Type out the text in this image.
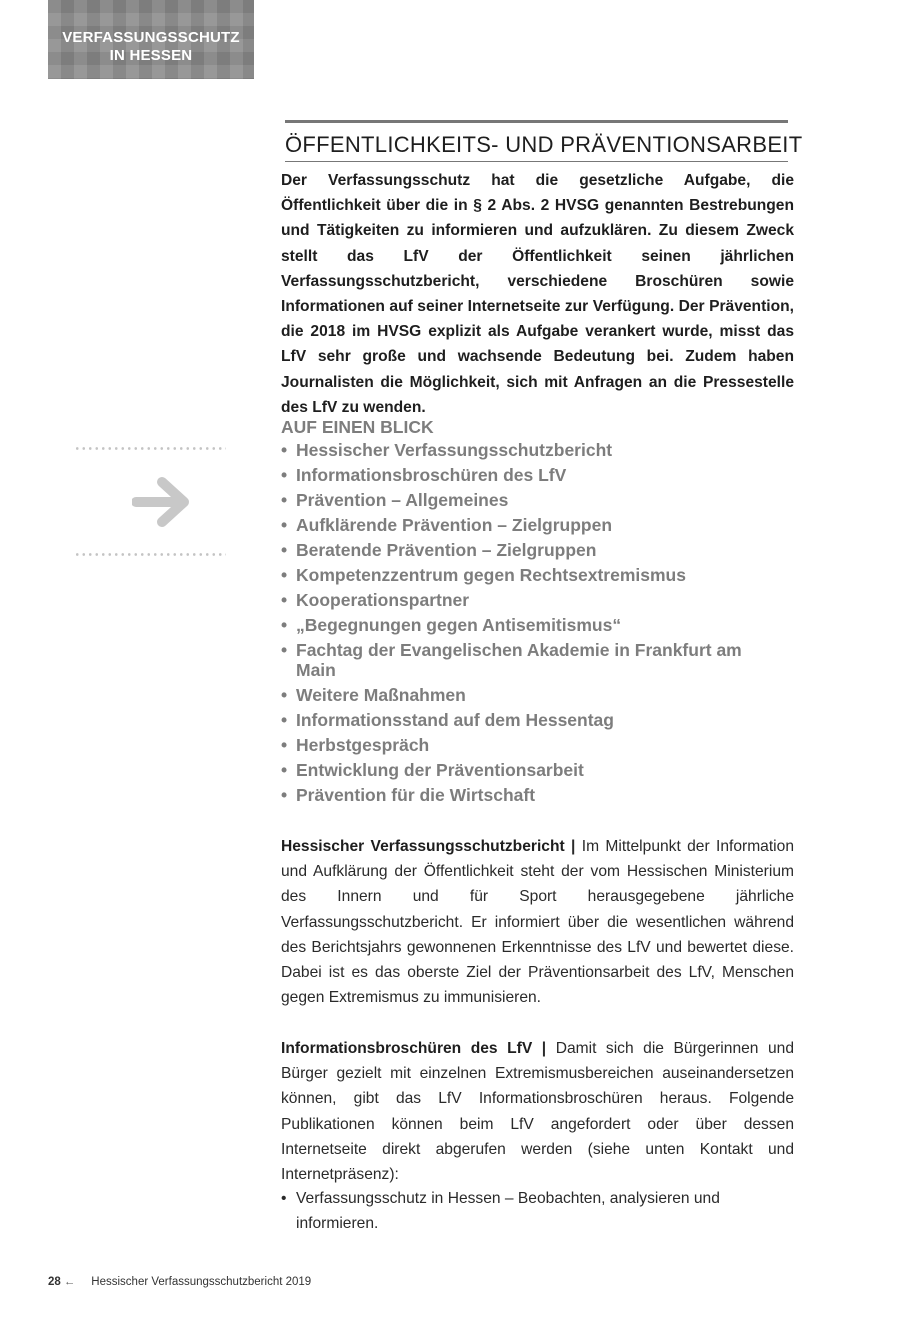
VERFASSUNGSSCHUTZ
IN HESSEN
ÖFFENTLICHKEITS- UND PRÄVENTIONSARBEIT

Der Verfassungsschutz hat die gesetzliche Aufgabe, die Öffentlichkeit über die in § 2 Abs. 2 HVSG genannten Bestrebungen und Tätigkeiten zu informieren und aufzuklären. Zu diesem Zweck stellt das LfV der Öffentlichkeit seinen jährlichen Verfassungsschutzbericht, verschiedene Broschüren sowie Informationen auf seiner Internetseite zur Verfügung. Der Prävention, die 2018 im HVSG explizit als Aufgabe verankert wurde, misst das LfV sehr große und wachsende Bedeutung bei. Zudem haben Journalisten die Möglichkeit, sich mit Anfragen an die Pressestelle des LfV zu wenden.

AUF EINEN BLICK
• Hessischer Verfassungsschutzbericht
• Informationsbroschüren des LfV
• Prävention – Allgemeines
• Aufklärende Prävention – Zielgruppen
• Beratende Prävention – Zielgruppen
• Kompetenzzentrum gegen Rechtsextremismus
• Kooperationspartner
• „Begegnungen gegen Antisemitismus“
• Fachtag der Evangelischen Akademie in Frankfurt am Main
• Weitere Maßnahmen
• Informationsstand auf dem Hessentag
• Herbstgespräch
• Entwicklung der Präventionsarbeit
• Prävention für die Wirtschaft

Hessischer Verfassungsschutzbericht | Im Mittelpunkt der Information und Aufklärung der Öffentlichkeit steht der vom Hessischen Ministerium des Innern und für Sport herausgegebene jährliche Verfassungsschutzbericht. Er informiert über die wesentlichen während des Berichtsjahrs gewonnenen Erkenntnisse des LfV und bewertet diese. Dabei ist es das oberste Ziel der Präventionsarbeit des LfV, Menschen gegen Extremismus zu immunisieren.

Informationsbroschüren des LfV | Damit sich die Bürgerinnen und Bürger gezielt mit einzelnen Extremismusbereichen auseinandersetzen können, gibt das LfV Informationsbroschüren heraus. Folgende Publikationen können beim LfV angefordert oder über dessen Internetseite direkt abgerufen werden (siehe unten Kontakt und Internetpräsenz):

• Verfassungsschutz in Hessen – Beobachten, analysieren und informieren.
28 ← Hessischer Verfassungsschutzbericht 2019
